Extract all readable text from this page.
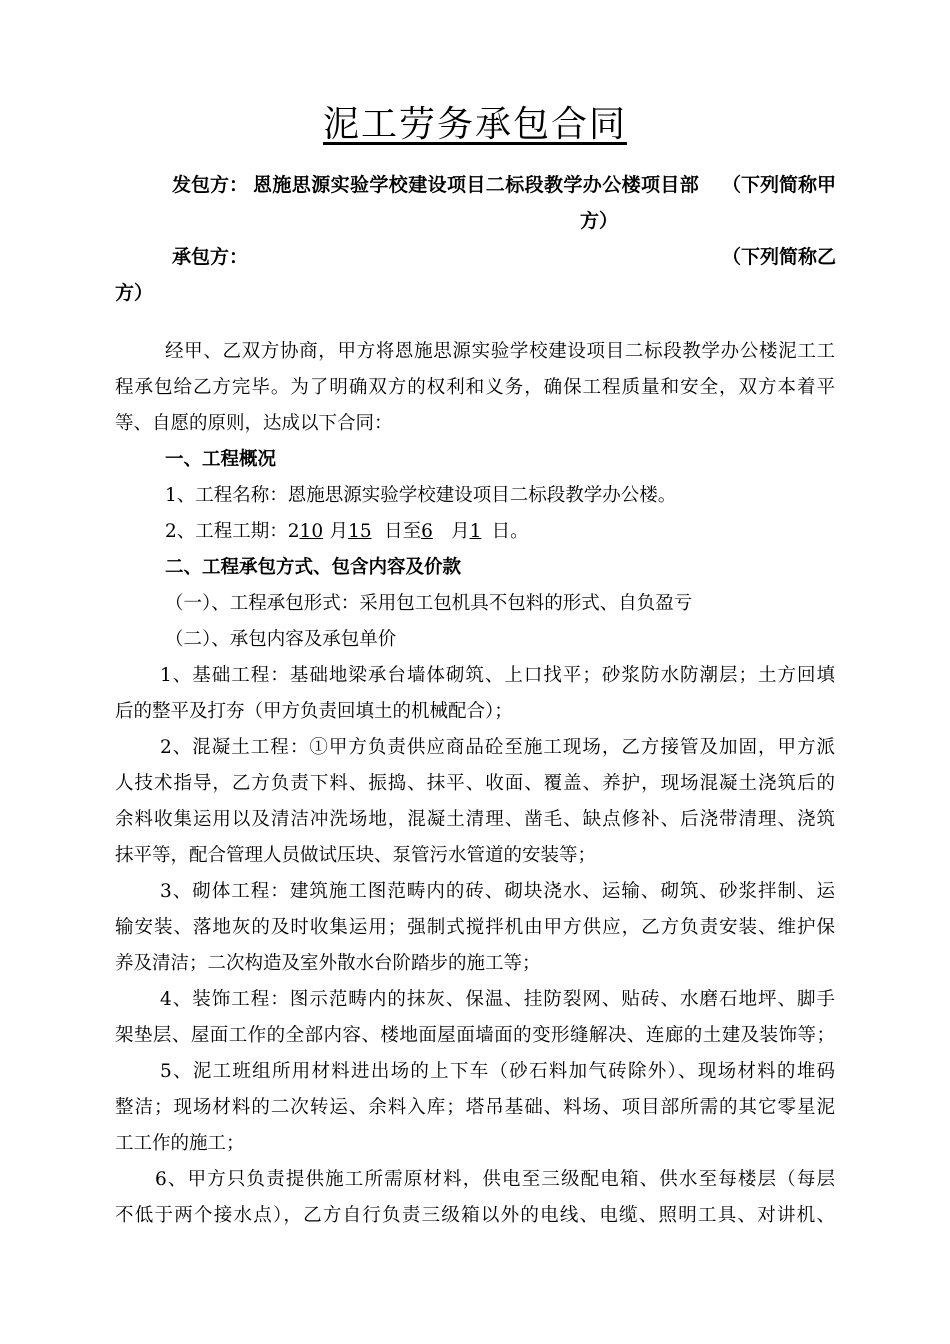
泥工劳务承包合同
发包方： 恩施思源实验学校建设项目二标段教学办公楼项目部 （下列简称甲
方）
承包方：	（下列简称乙
方）
经甲、乙双方协商，甲方将恩施思源实验学校建设项目二标段教学办公楼泥工工
程承包给乙方完毕。为了明确双方的权利和义务，确保工程质量和安全，双方本着平
等、自愿的原则，达成以下合同：
一、工程概况
1、工程名称：恩施思源实验学校建设项目二标段教学办公楼。
2、工程工期：210 月15 日至6 月1 日。
二、工程承包方式、包含内容及价款
（一）、工程承包形式：采用包工包机具不包料的形式、自负盈亏
（二）、承包内容及承包单价
1、基础工程：基础地梁承台墙体砌筑、上口找平；砂浆防水防潮层；土方回填
后的整平及打夯（甲方负责回填土的机械配合）；
2、混凝土工程：①甲方负责供应商品砼至施工现场，乙方接管及加固，甲方派
人技术指导，乙方负责下料、振捣、抹平、收面、覆盖、养护，现场混凝土浇筑后的
余料收集运用以及清洁冲洗场地，混凝土清理、凿毛、缺点修补、后浇带清理、浇筑
抹平等，配合管理人员做试压块、泵管污水管道的安装等；
3、砌体工程：建筑施工图范畴内的砖、砌块浇水、运输、砌筑、砂浆拌制、运
输安装、落地灰的及时收集运用；强制式搅拌机由甲方供应，乙方负责安装、维护保
养及清洁；二次构造及室外散水台阶踏步的施工等；
4、装饰工程：图示范畴内的抹灰、保温、挂防裂网、贴砖、水磨石地坪、脚手
架垫层、屋面工作的全部内容、楼地面屋面墙面的变形缝解决、连廊的土建及装饰等；
5、泥工班组所用材料进出场的上下车（砂石料加气砖除外）、现场材料的堆码
整洁；现场材料的二次转运、余料入库；塔吊基础、料场、项目部所需的其它零星泥
工工作的施工；
6、甲方只负责提供施工所需原材料，供电至三级配电箱、供水至每楼层（每层
不低于两个接水点），乙方自行负责三级箱以外的电线、电缆、照明工具、对讲机、
